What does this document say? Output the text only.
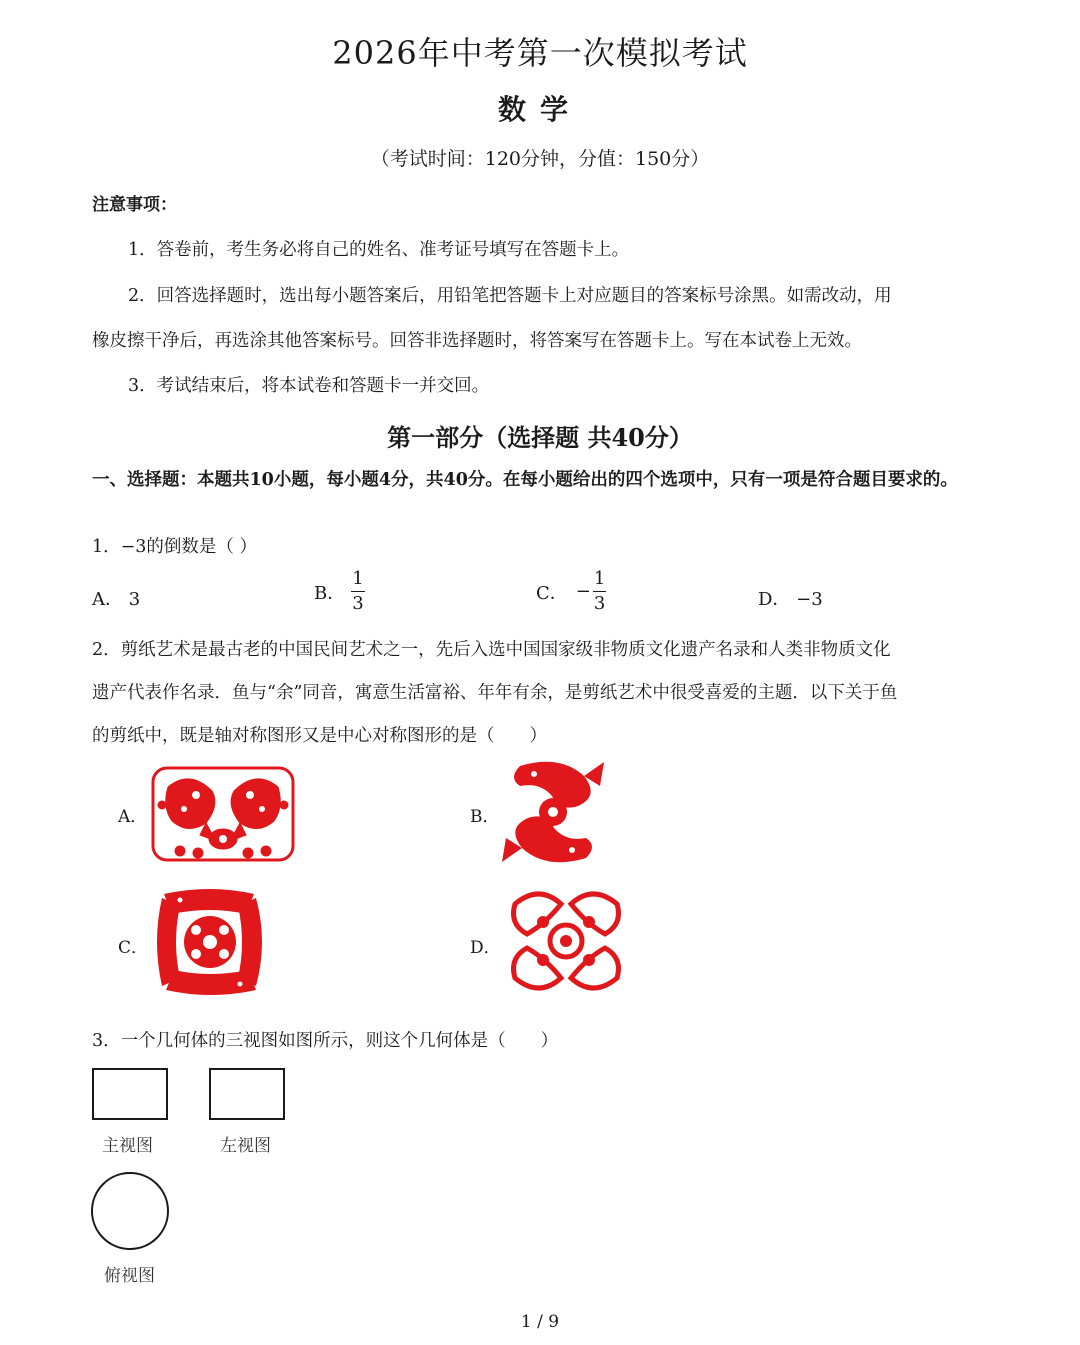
2026年中考第一次模拟考试
数学
（考试时间：120分钟，分值：150分）
注意事项：
1．答卷前，考生务必将自己的姓名、准考证号填写在答题卡上。
2．回答选择题时，选出每小题答案后，用铅笔把答题卡上对应题目的答案标号涂黑。如需改动，用
橡皮擦干净后，再选涂其他答案标号。回答非选择题时，将答案写在答题卡上。写在本试卷上无效。
3．考试结束后，将本试卷和答题卡一并交回。
第一部分（选择题 共40分）
一、选择题：本题共10小题，每小题4分，共40分。在每小题给出的四个选项中，只有一项是符合题目要求的。
1．−3的倒数是（ ）
A． 3	B． $\frac{1}{3}$	C． − $\frac{1}{3}$	D． −3
2．剪纸艺术是最古老的中国民间艺术之一，先后入选中国国家级非物质文化遗产名录和人类非物质文化
遗产代表作名录．鱼与“余”同音，寓意生活富裕、年年有余，是剪纸艺术中很受喜爱的主题．以下关于鱼
的剪纸中，既是轴对称图形又是中心对称图形的是（　　）
A．	B．
C．	D．
3．一个几何体的三视图如图所示，则这个几何体是（　　）
主视图	左视图
俯视图
1 / 9
